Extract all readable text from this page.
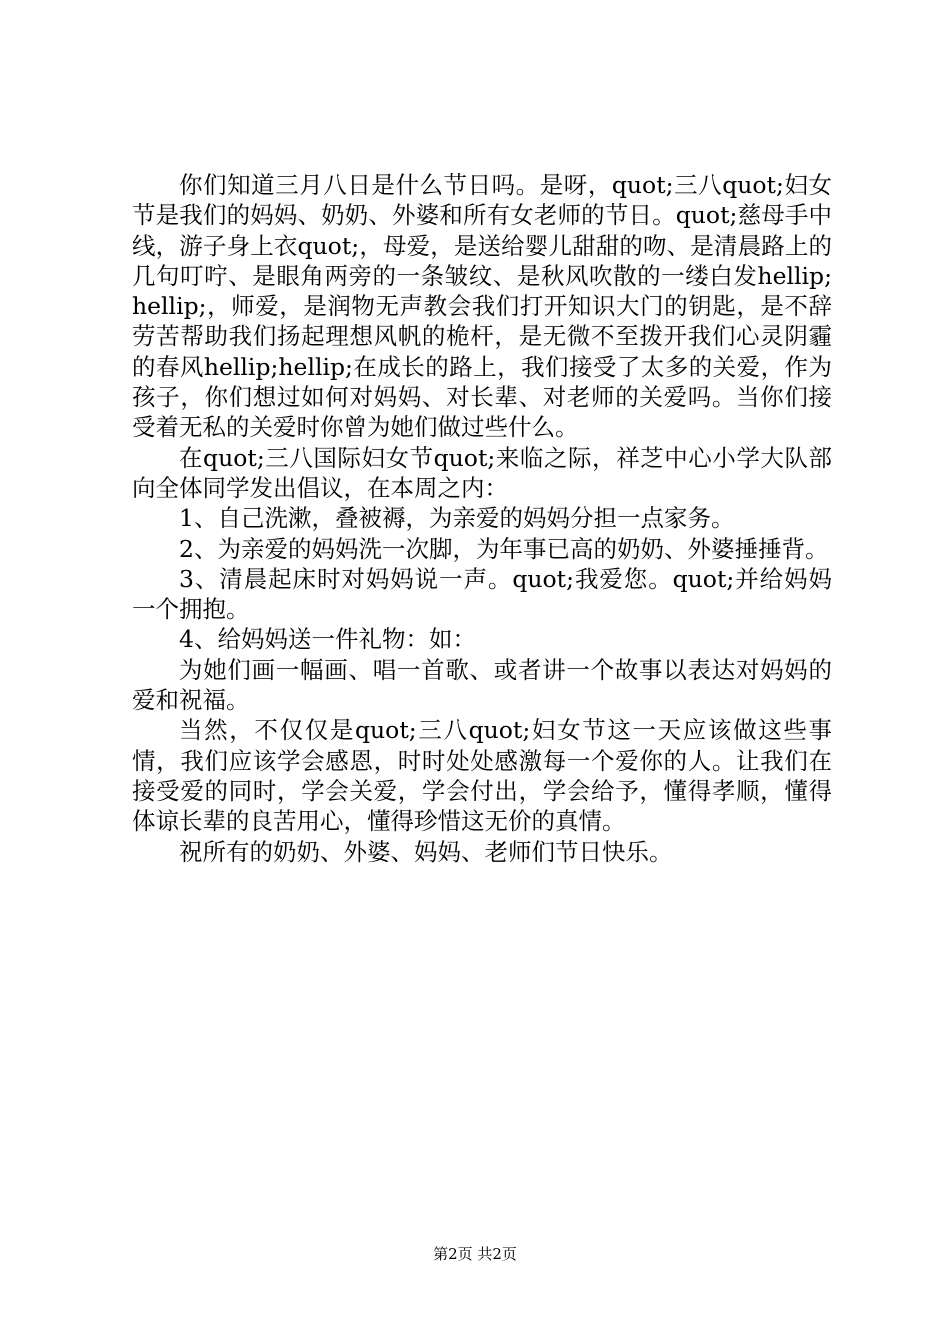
你们知道三月八日是什么节日吗。是呀，quot;三八quot;妇女节是我们的妈妈、奶奶、外婆和所有女老师的节日。quot;慈母手中线，游子身上衣quot;，母爱，是送给婴儿甜甜的吻、是清晨路上的几句叮咛、是眼角两旁的一条皱纹、是秋风吹散的一缕白发hellip;hellip;，师爱，是润物无声教会我们打开知识大门的钥匙，是不辞劳苦帮助我们扬起理想风帆的桅杆，是无微不至拨开我们心灵阴霾的春风hellip;hellip;在成长的路上，我们接受了太多的关爱，作为孩子，你们想过如何对妈妈、对长辈、对老师的关爱吗。当你们接受着无私的关爱时你曾为她们做过些什么。

在quot;三八国际妇女节quot;来临之际，祥芝中心小学大队部向全体同学发出倡议，在本周之内：

1、自己洗漱，叠被褥，为亲爱的妈妈分担一点家务。

2、为亲爱的妈妈洗一次脚，为年事已高的奶奶、外婆捶捶背。

3、清晨起床时对妈妈说一声。quot;我爱您。quot;并给妈妈一个拥抱。

4、给妈妈送一件礼物：如：

为她们画一幅画、唱一首歌、或者讲一个故事以表达对妈妈的爱和祝福。

当然，不仅仅是quot;三八quot;妇女节这一天应该做这些事情，我们应该学会感恩，时时处处感激每一个爱你的人。让我们在接受爱的同时，学会关爱，学会付出，学会给予，懂得孝顺，懂得体谅长辈的良苦用心，懂得珍惜这无价的真情。

祝所有的奶奶、外婆、妈妈、老师们节日快乐。

第2页 共2页
